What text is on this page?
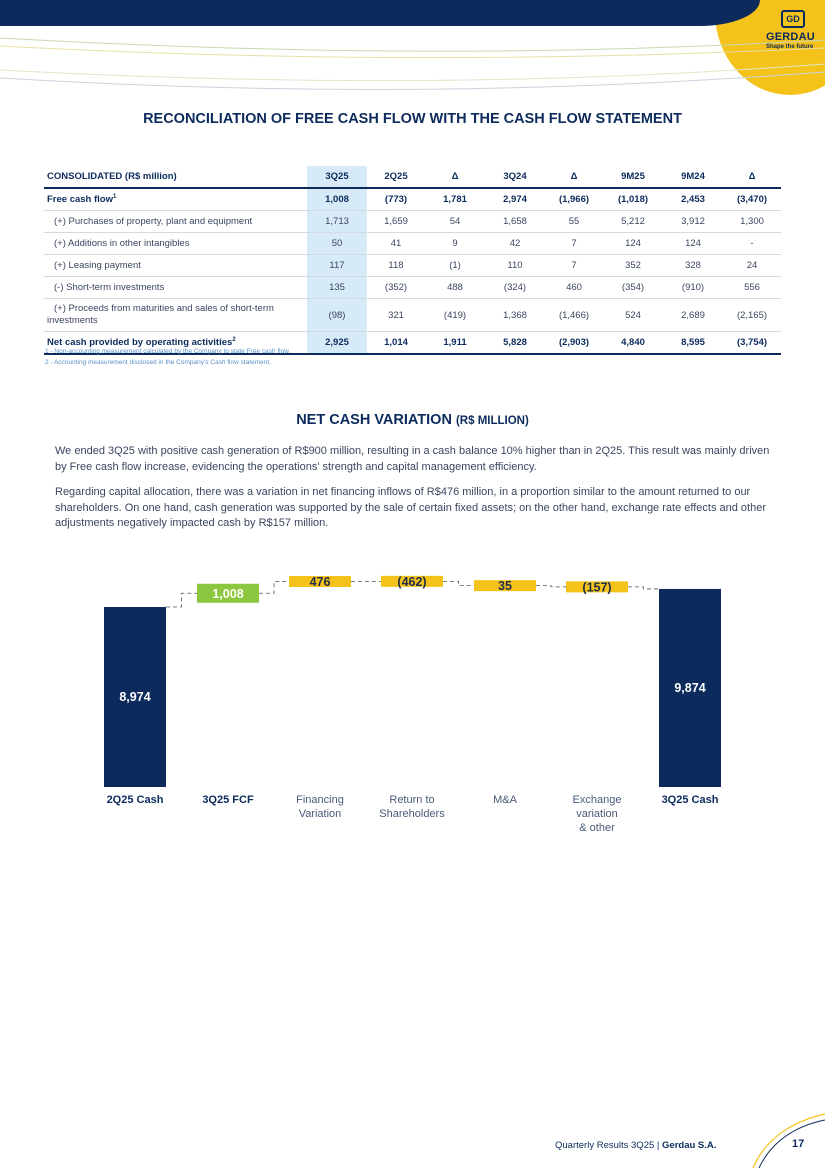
GD
GERDAU
Shape the future
RECONCILIATION OF FREE CASH FLOW WITH THE CASH FLOW STATEMENT
CONSOLIDATED (R$ million)	3Q25	2Q25	Δ	3Q24	Δ	9M25	9M24	Δ
Free cash flow$^1$	1,008	(773)	1,781	2,974	(1,966)	(1,018)	2,453	(3,470)
(+) Purchases of property, plant and equipment	1,713	1,659	54	1,658	55	5,212	3,912	1,300
(+) Additions in other intangibles	50	41	9	42	7	124	124	-
(+) Leasing payment	117	118	(1)	110	7	352	328	24
(-) Short-term investments	135	(352)	488	(324)	460	(354)	(910)	556
(+) Proceeds from maturities and sales of short-term investments	(98)	321	(419)	1,368	(1,466)	524	2,689	(2,165)
Net cash provided by operating activities$^2$	2,925	1,014	1,911	5,828	(2,903)	4,840	8,595	(3,754)
1 - Non-accounting measurement calculated by the Company to state Free cash flow.
2 - Accounting measurement disclosed in the Company's Cash flow statement.
NET CASH VARIATION (R$ MILLION)

We ended 3Q25 with positive cash generation of R$900 million, resulting in a cash balance 10% higher than in 2Q25. This result was mainly driven by Free cash flow increase, evidencing the operations' strength and capital management efficiency.

Regarding capital allocation, there was a variation in net financing inflows of R$476 million, in a proportion similar to the amount returned to our shareholders. On one hand, cash generation was supported by the sale of certain fixed assets; on the other hand, exchange rate effects and other adjustments negatively impacted cash by R$157 million.

8,974
1,008
476	(462)	35	(157)
9,874
2Q25 Cash	3Q25 FCF	Financing Variation
Return to Shareholders
M&A	Exchange variation & other
3Q25 Cash
Quarterly Results 3Q25 | Gerdau S.A.	17
